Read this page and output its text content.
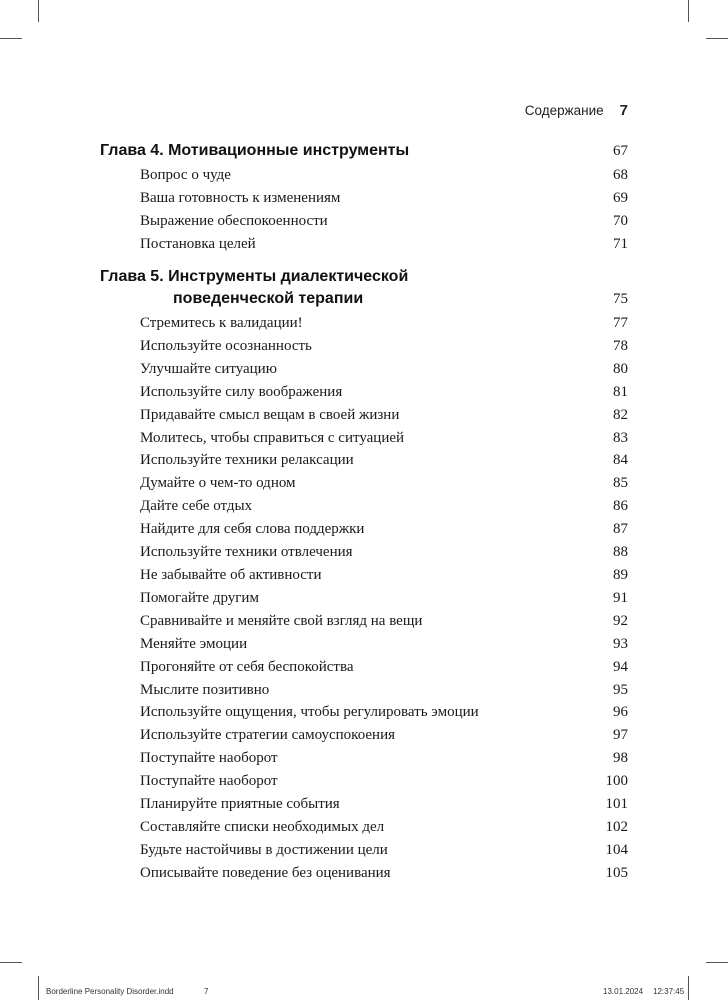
Содержание 7
Глава 4. Мотивационные инструменты	67
Вопрос о чуде	68
Ваша готовность к изменениям	69
Выражение обеспокоенности	70
Постановка целей	71
Глава 5. Инструменты диалектической
поведенческой терапии	75
Стремитесь к валидации!	77
Используйте осознанность	78
Улучшайте ситуацию	80
Используйте силу воображения	81
Придавайте смысл вещам в своей жизни	82
Молитесь, чтобы справиться с ситуацией	83
Используйте техники релаксации	84
Думайте о чем-то одном	85
Дайте себе отдых	86
Найдите для себя слова поддержки	87
Используйте техники отвлечения	88
Не забывайте об активности	89
Помогайте другим	91
Сравнивайте и меняйте свой взгляд на вещи	92
Меняйте эмоции	93
Прогоняйте от себя беспокойства	94
Мыслите позитивно	95
Используйте ощущения, чтобы регулировать эмоции	96
Используйте стратегии самоуспокоения	97
Поступайте наоборот	98
Поступайте наоборот	100
Планируйте приятные события	101
Составляйте списки необходимых дел	102
Будьте настойчивы в достижении цели	104
Описывайте поведение без оценивания	105
Borderline Personality Disorder.indd	7	13.01.2024 12:37:45
